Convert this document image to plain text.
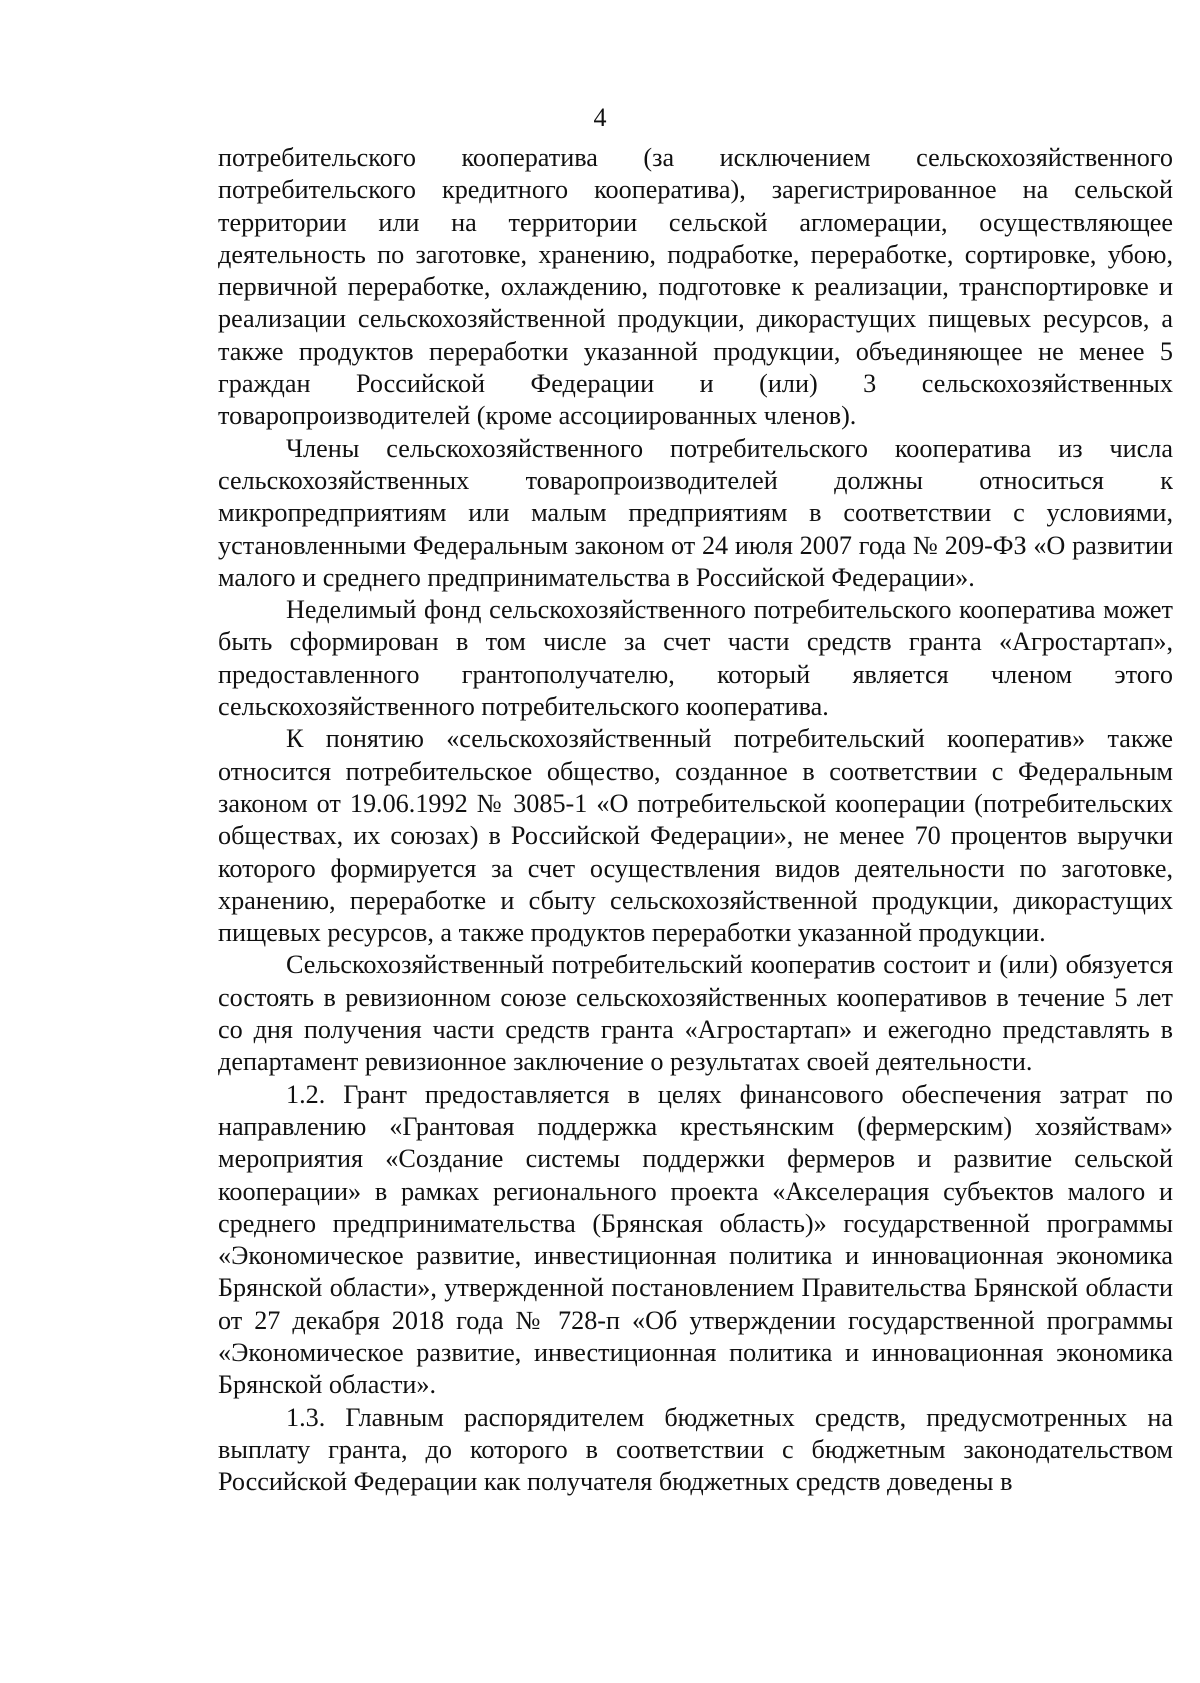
4

потребительского кооператива (за исключением сельскохозяйственного потребительского кредитного кооператива), зарегистрированное на сельской территории или на территории сельской агломерации, осуществляющее деятельность по заготовке, хранению, подработке, переработке, сортировке, убою, первичной переработке, охлаждению, подготовке к реализации, транспортировке и реализации сельскохозяйственной продукции, дикорастущих пищевых ресурсов, а также продуктов переработки указанной продукции, объединяющее не менее 5 граждан Российской Федерации и (или) 3 сельскохозяйственных товаропроизводителей (кроме ассоциированных членов).

Члены сельскохозяйственного потребительского кооператива из числа сельскохозяйственных товаропроизводителей должны относиться к микропредприятиям или малым предприятиям в соответствии с условиями, установленными Федеральным законом от 24 июля 2007 года № 209-ФЗ «О развитии малого и среднего предпринимательства в Российской Федерации».

Неделимый фонд сельскохозяйственного потребительского кооператива может быть сформирован в том числе за счет части средств гранта «Агростартап», предоставленного грантополучателю, который является членом этого сельскохозяйственного потребительского кооператива.

К понятию «сельскохозяйственный потребительский кооператив» также относится потребительское общество, созданное в соответствии с Федеральным законом от 19.06.1992 № 3085-1 «О потребительской кооперации (потребительских обществах, их союзах) в Российской Федерации», не менее 70 процентов выручки которого формируется за счет осуществления видов деятельности по заготовке, хранению, переработке и сбыту сельскохозяйственной продукции, дикорастущих пищевых ресурсов, а также продуктов переработки указанной продукции.

Сельскохозяйственный потребительский кооператив состоит и (или) обязуется состоять в ревизионном союзе сельскохозяйственных кооперативов в течение 5 лет со дня получения части средств гранта «Агростартап» и ежегодно представлять в департамент ревизионное заключение о результатах своей деятельности.

1.2. Грант предоставляется в целях финансового обеспечения затрат по направлению «Грантовая поддержка крестьянским (фермерским) хозяйствам» мероприятия «Создание системы поддержки фермеров и развитие сельской кооперации» в рамках регионального проекта «Акселерация субъектов малого и среднего предпринимательства (Брянская область)» государственной программы «Экономическое развитие, инвестиционная политика и инновационная экономика Брянской области», утвержденной постановлением Правительства Брянской области от 27 декабря 2018 года № 728-п «Об утверждении государственной программы «Экономическое развитие, инвестиционная политика и инновационная экономика Брянской области».

1.3. Главным распорядителем бюджетных средств, предусмотренных на выплату гранта, до которого в соответствии с бюджетным законодательством Российской Федерации как получателя бюджетных средств доведены в
